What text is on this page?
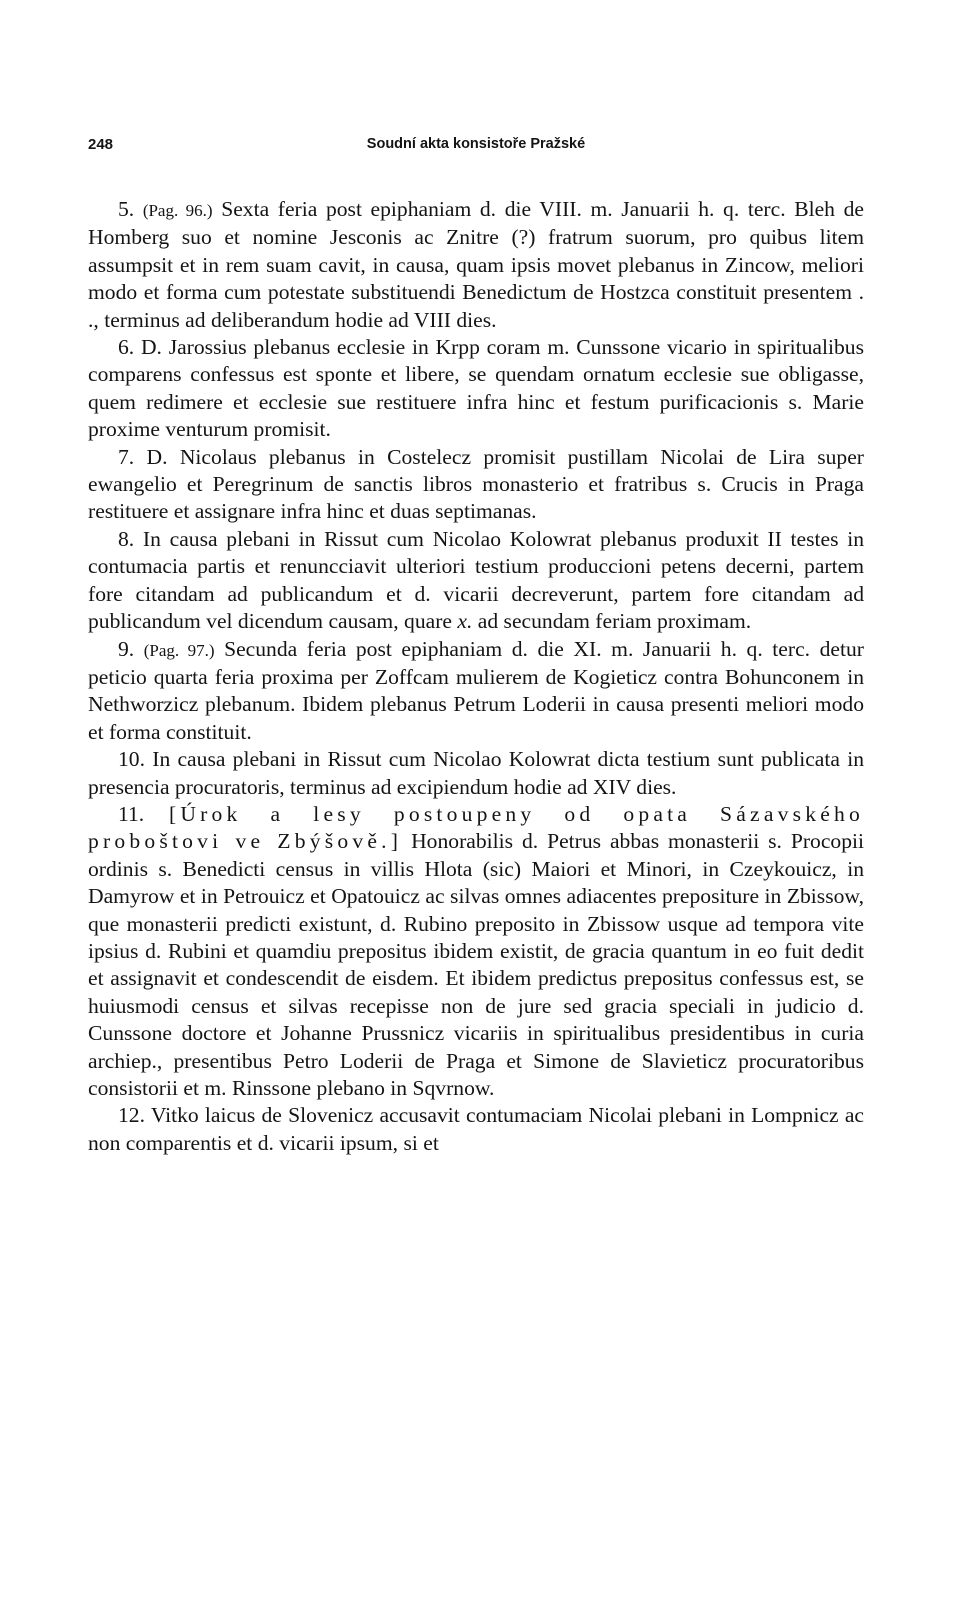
248	Soudní akta konsistoře Pražské

5. (Pag. 96.) Sexta feria post epiphaniam d. die VIII. m. Januarii h. q. terc. Bleh de Homberg suo et nomine Jesconis ac Znitre (?) fratrum suorum, pro quibus litem assumpsit et in rem suam cavit, in causa, quam ipsis movet plebanus in Zincow, meliori modo et forma cum potestate substituendi Benedictum de Hostzca constituit presentem . ., terminus ad deliberandum hodie ad VIII dies.

6. D. Jarossius plebanus ecclesie in Krpp coram m. Cunssone vicario in spiritualibus comparens confessus est sponte et libere, se quendam ornatum ecclesie sue obligasse, quem redimere et ecclesie sue restituere infra hinc et festum purificacionis s. Marie proxime venturum promisit.

7. D. Nicolaus plebanus in Costelecz promisit pustillam Nicolai de Lira super ewangelio et Peregrinum de sanctis libros monasterio et fratribus s. Crucis in Praga restituere et assignare infra hinc et duas septimanas.

8. In causa plebani in Rissut cum Nicolao Kolowrat plebanus produxit II testes in contumacia partis et renuncciavit ulteriori testium produccioni petens decerni, partem fore citandam ad publicandum et d. vicarii decreverunt, partem fore citandam ad publicandum vel dicendum causam, quare x. ad secundam feriam proximam.

9. (Pag. 97.) Secunda feria post epiphaniam d. die XI. m. Januarii h. q. terc. detur peticio quarta feria proxima per Zoffcam mulierem de Kogieticz contra Bohunconem in Nethworzicz plebanum. Ibidem plebanus Petrum Loderii in causa presenti meliori modo et forma constituit.

10. In causa plebani in Rissut cum Nicolao Kolowrat dicta testium sunt publicata in presencia procuratoris, terminus ad excipiendum hodie ad XIV dies.

11. [Úrok a lesy postoupeny od opata Sázavského proboštovi ve Zbýšově.] Honorabilis d. Petrus abbas monasterii s. Procopii ordinis s. Benedicti census in villis Hlota (sic) Maiori et Minori, in Czeykouicz, in Damyrow et in Petrouicz et Opatouicz ac silvas omnes adiacentes prepositure in Zbissow, que monasterii predicti existunt, d. Rubino preposito in Zbissow usque ad tempora vite ipsius d. Rubini et quamdiu prepositus ibidem existit, de gracia quantum in eo fuit dedit et assignavit et condescendit de eisdem. Et ibidem predictus prepositus confessus est, se huiusmodi census et silvas recepisse non de jure sed gracia speciali in judicio d. Cunssone doctore et Johanne Prussnicz vicariis in spiritualibus presidentibus in curia archiep., presentibus Petro Loderii de Praga et Simone de Slavieticz procuratoribus consistorii et m. Rinssone plebano in Sqvrnow.

12. Vitko laicus de Slovenicz accusavit contumaciam Nicolai plebani in Lompnicz ac non comparentis et d. vicarii ipsum, si et
